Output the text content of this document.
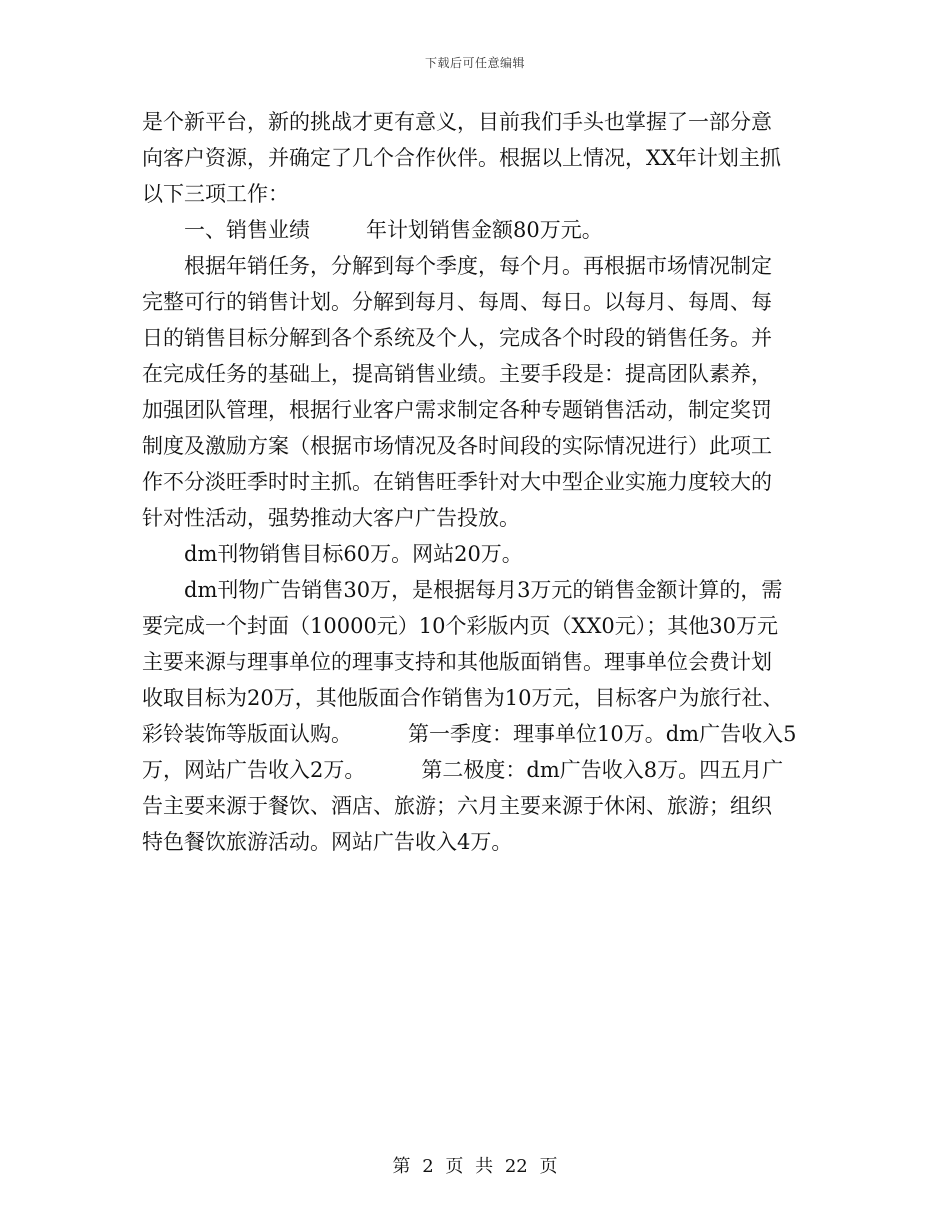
下载后可任意编辑

是个新平台，新的挑战才更有意义，目前我们手头也掌握了一部分意

向客户资源，并确定了几个合作伙伴。根据以上情况，XX年计划主抓

以下三项工作：

一、销售业绩	年计划销售金额80万元。

根据年销任务，分解到每个季度，每个月。再根据市场情况制定

完整可行的销售计划。分解到每月、每周、每日。以每月、每周、每

日的销售目标分解到各个系统及个人，完成各个时段的销售任务。并

在完成任务的基础上，提高销售业绩。主要手段是：提高团队素养，

加强团队管理，根据行业客户需求制定各种专题销售活动，制定奖罚

制度及激励方案（根据市场情况及各时间段的实际情况进行）此项工

作不分淡旺季时时主抓。在销售旺季针对大中型企业实施力度较大的

针对性活动，强势推动大客户广告投放。

dm刊物销售目标60万。网站20万。

dm刊物广告销售30万，是根据每月3万元的销售金额计算的，需

要完成一个封面（10000元）10个彩版内页（XX0元）；其他30万元

主要来源与理事单位的理事支持和其他版面销售。理事单位会费计划

收取目标为20万，其他版面合作销售为10万元，目标客户为旅行社、

彩铃装饰等版面认购。	第一季度：理事单位10万。dm广告收入5

万，网站广告收入2万。	第二极度：dm广告收入8万。四五月广

告主要来源于餐饮、酒店、旅游；六月主要来源于休闲、旅游；组织

特色餐饮旅游活动。网站广告收入4万。

第 2 页 共 22 页
